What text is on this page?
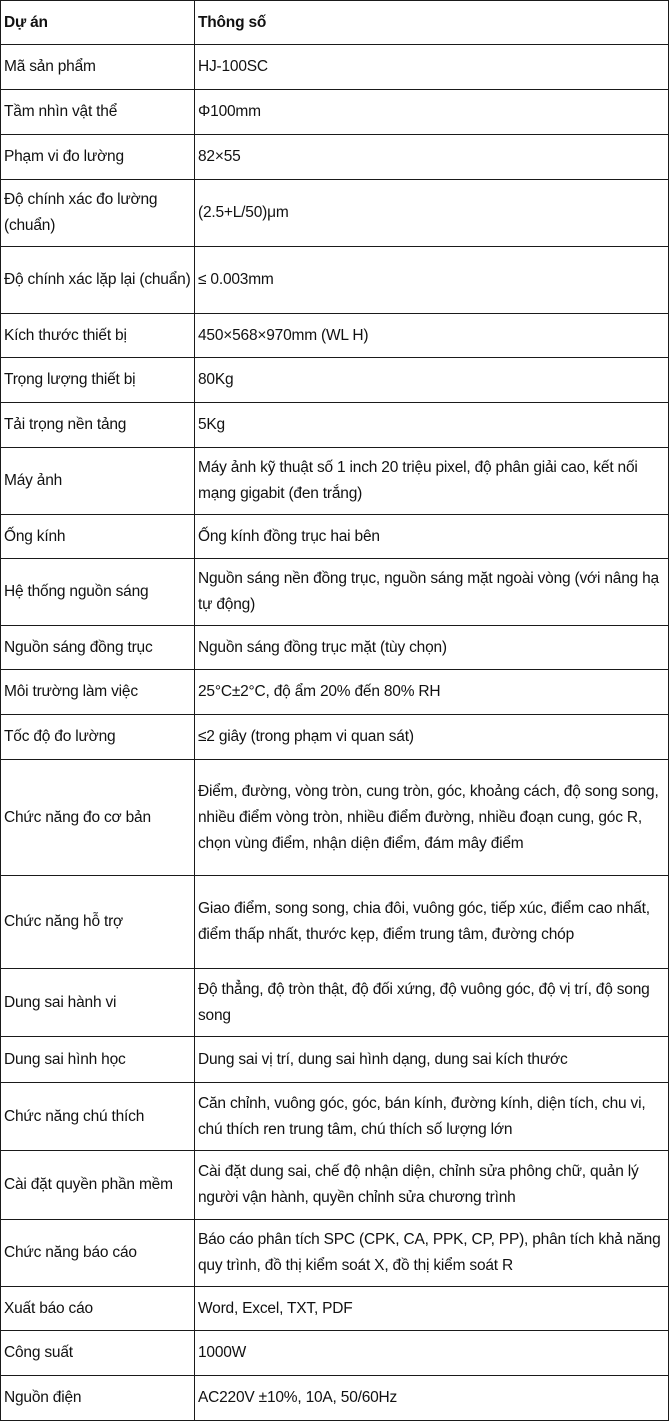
Dự án	Thông số
Mã sản phẩm	HJ-100SC
Tầm nhìn vật thể	Φ100mm
Phạm vi đo lường	82×55
Độ chính xác đo lường (chuẩn)	(2.5+L/50)μm
Độ chính xác lặp lại (chuẩn)	≤ 0.003mm
Kích thước thiết bị	450×568×970mm (WL H)
Trọng lượng thiết bị	80Kg
Tải trọng nền tảng	5Kg
Máy ảnh	Máy ảnh kỹ thuật số 1 inch 20 triệu pixel, độ phân giải cao, kết nối mạng gigabit (đen trắng)
Ống kính	Ống kính đồng trục hai bên
Hệ thống nguồn sáng	Nguồn sáng nền đồng trục, nguồn sáng mặt ngoài vòng (với nâng hạ tự động)
Nguồn sáng đồng trục	Nguồn sáng đồng trục mặt (tùy chọn)
Môi trường làm việc	25°C±2°C, độ ẩm 20% đến 80% RH
Tốc độ đo lường	≤2 giây (trong phạm vi quan sát)
Chức năng đo cơ bản	Điểm, đường, vòng tròn, cung tròn, góc, khoảng cách, độ song song, nhiều điểm vòng tròn, nhiều điểm đường, nhiều đoạn cung, góc R, chọn vùng điểm, nhận diện điểm, đám mây điểm
Chức năng hỗ trợ	Giao điểm, song song, chia đôi, vuông góc, tiếp xúc, điểm cao nhất, điểm thấp nhất, thước kẹp, điểm trung tâm, đường chóp
Dung sai hành vi	Độ thẳng, độ tròn thật, độ đối xứng, độ vuông góc, độ vị trí, độ song song
Dung sai hình học	Dung sai vị trí, dung sai hình dạng, dung sai kích thước
Chức năng chú thích	Căn chỉnh, vuông góc, góc, bán kính, đường kính, diện tích, chu vi, chú thích ren trung tâm, chú thích số lượng lớn
Cài đặt quyền phần mềm	Cài đặt dung sai, chế độ nhận diện, chỉnh sửa phông chữ, quản lý người vận hành, quyền chỉnh sửa chương trình
Chức năng báo cáo	Báo cáo phân tích SPC (CPK, CA, PPK, CP, PP), phân tích khả năng quy trình, đồ thị kiểm soát X, đồ thị kiểm soát R
Xuất báo cáo	Word, Excel, TXT, PDF
Công suất	1000W
Nguồn điện	AC220V ±10%, 10A, 50/60Hz
